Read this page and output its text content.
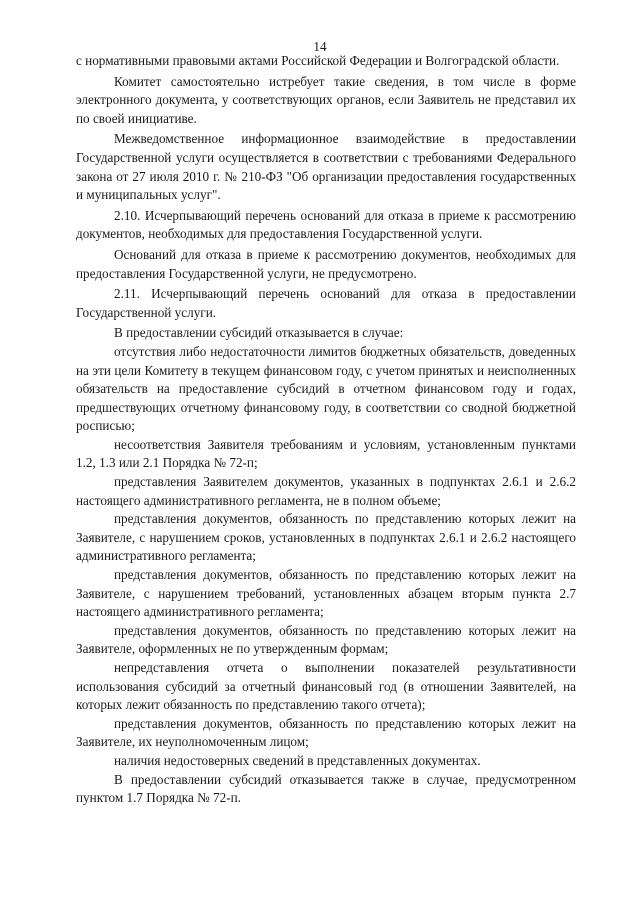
14

с нормативными правовыми актами Российской Федерации и Волгоградской области.

Комитет самостоятельно истребует такие сведения, в том числе в форме электронного документа, у соответствующих органов, если Заявитель не представил их по своей инициативе.

Межведомственное информационное взаимодействие в предоставлении Государственной услуги осуществляется в соответствии с требованиями Федерального закона от 27 июля 2010 г. № 210-ФЗ "Об организации предоставления государственных и муниципальных услуг".

2.10. Исчерпывающий перечень оснований для отказа в приеме к рассмотрению документов, необходимых для предоставления Государственной услуги.

Оснований для отказа в приеме к рассмотрению документов, необходимых для предоставления Государственной услуги, не предусмотрено.

2.11. Исчерпывающий перечень оснований для отказа в предоставлении Государственной услуги.

В предоставлении субсидий отказывается в случае:

отсутствия либо недостаточности лимитов бюджетных обязательств, доведенных на эти цели Комитету в текущем финансовом году, с учетом принятых и неисполненных обязательств на предоставление субсидий в отчетном финансовом году и годах, предшествующих отчетному финансовому году, в соответствии со сводной бюджетной росписью;

несоответствия Заявителя требованиям и условиям, установленным пунктами 1.2, 1.3 или 2.1 Порядка № 72-п;

представления Заявителем документов, указанных в подпунктах 2.6.1 и 2.6.2 настоящего административного регламента, не в полном объеме;

представления документов, обязанность по представлению которых лежит на Заявителе, с нарушением сроков, установленных в подпунктах 2.6.1 и 2.6.2 настоящего административного регламента;

представления документов, обязанность по представлению которых лежит на Заявителе, с нарушением требований, установленных абзацем вторым пункта 2.7 настоящего административного регламента;

представления документов, обязанность по представлению которых лежит на Заявителе, оформленных не по утвержденным формам;

непредставления отчета о выполнении показателей результативности использования субсидий за отчетный финансовый год (в отношении Заявителей, на которых лежит обязанность по представлению такого отчета);

представления документов, обязанность по представлению которых лежит на Заявителе, их неуполномоченным лицом;

наличия недостоверных сведений в представленных документах.

В предоставлении субсидий отказывается также в случае, предусмотренном пунктом 1.7 Порядка № 72-п.
